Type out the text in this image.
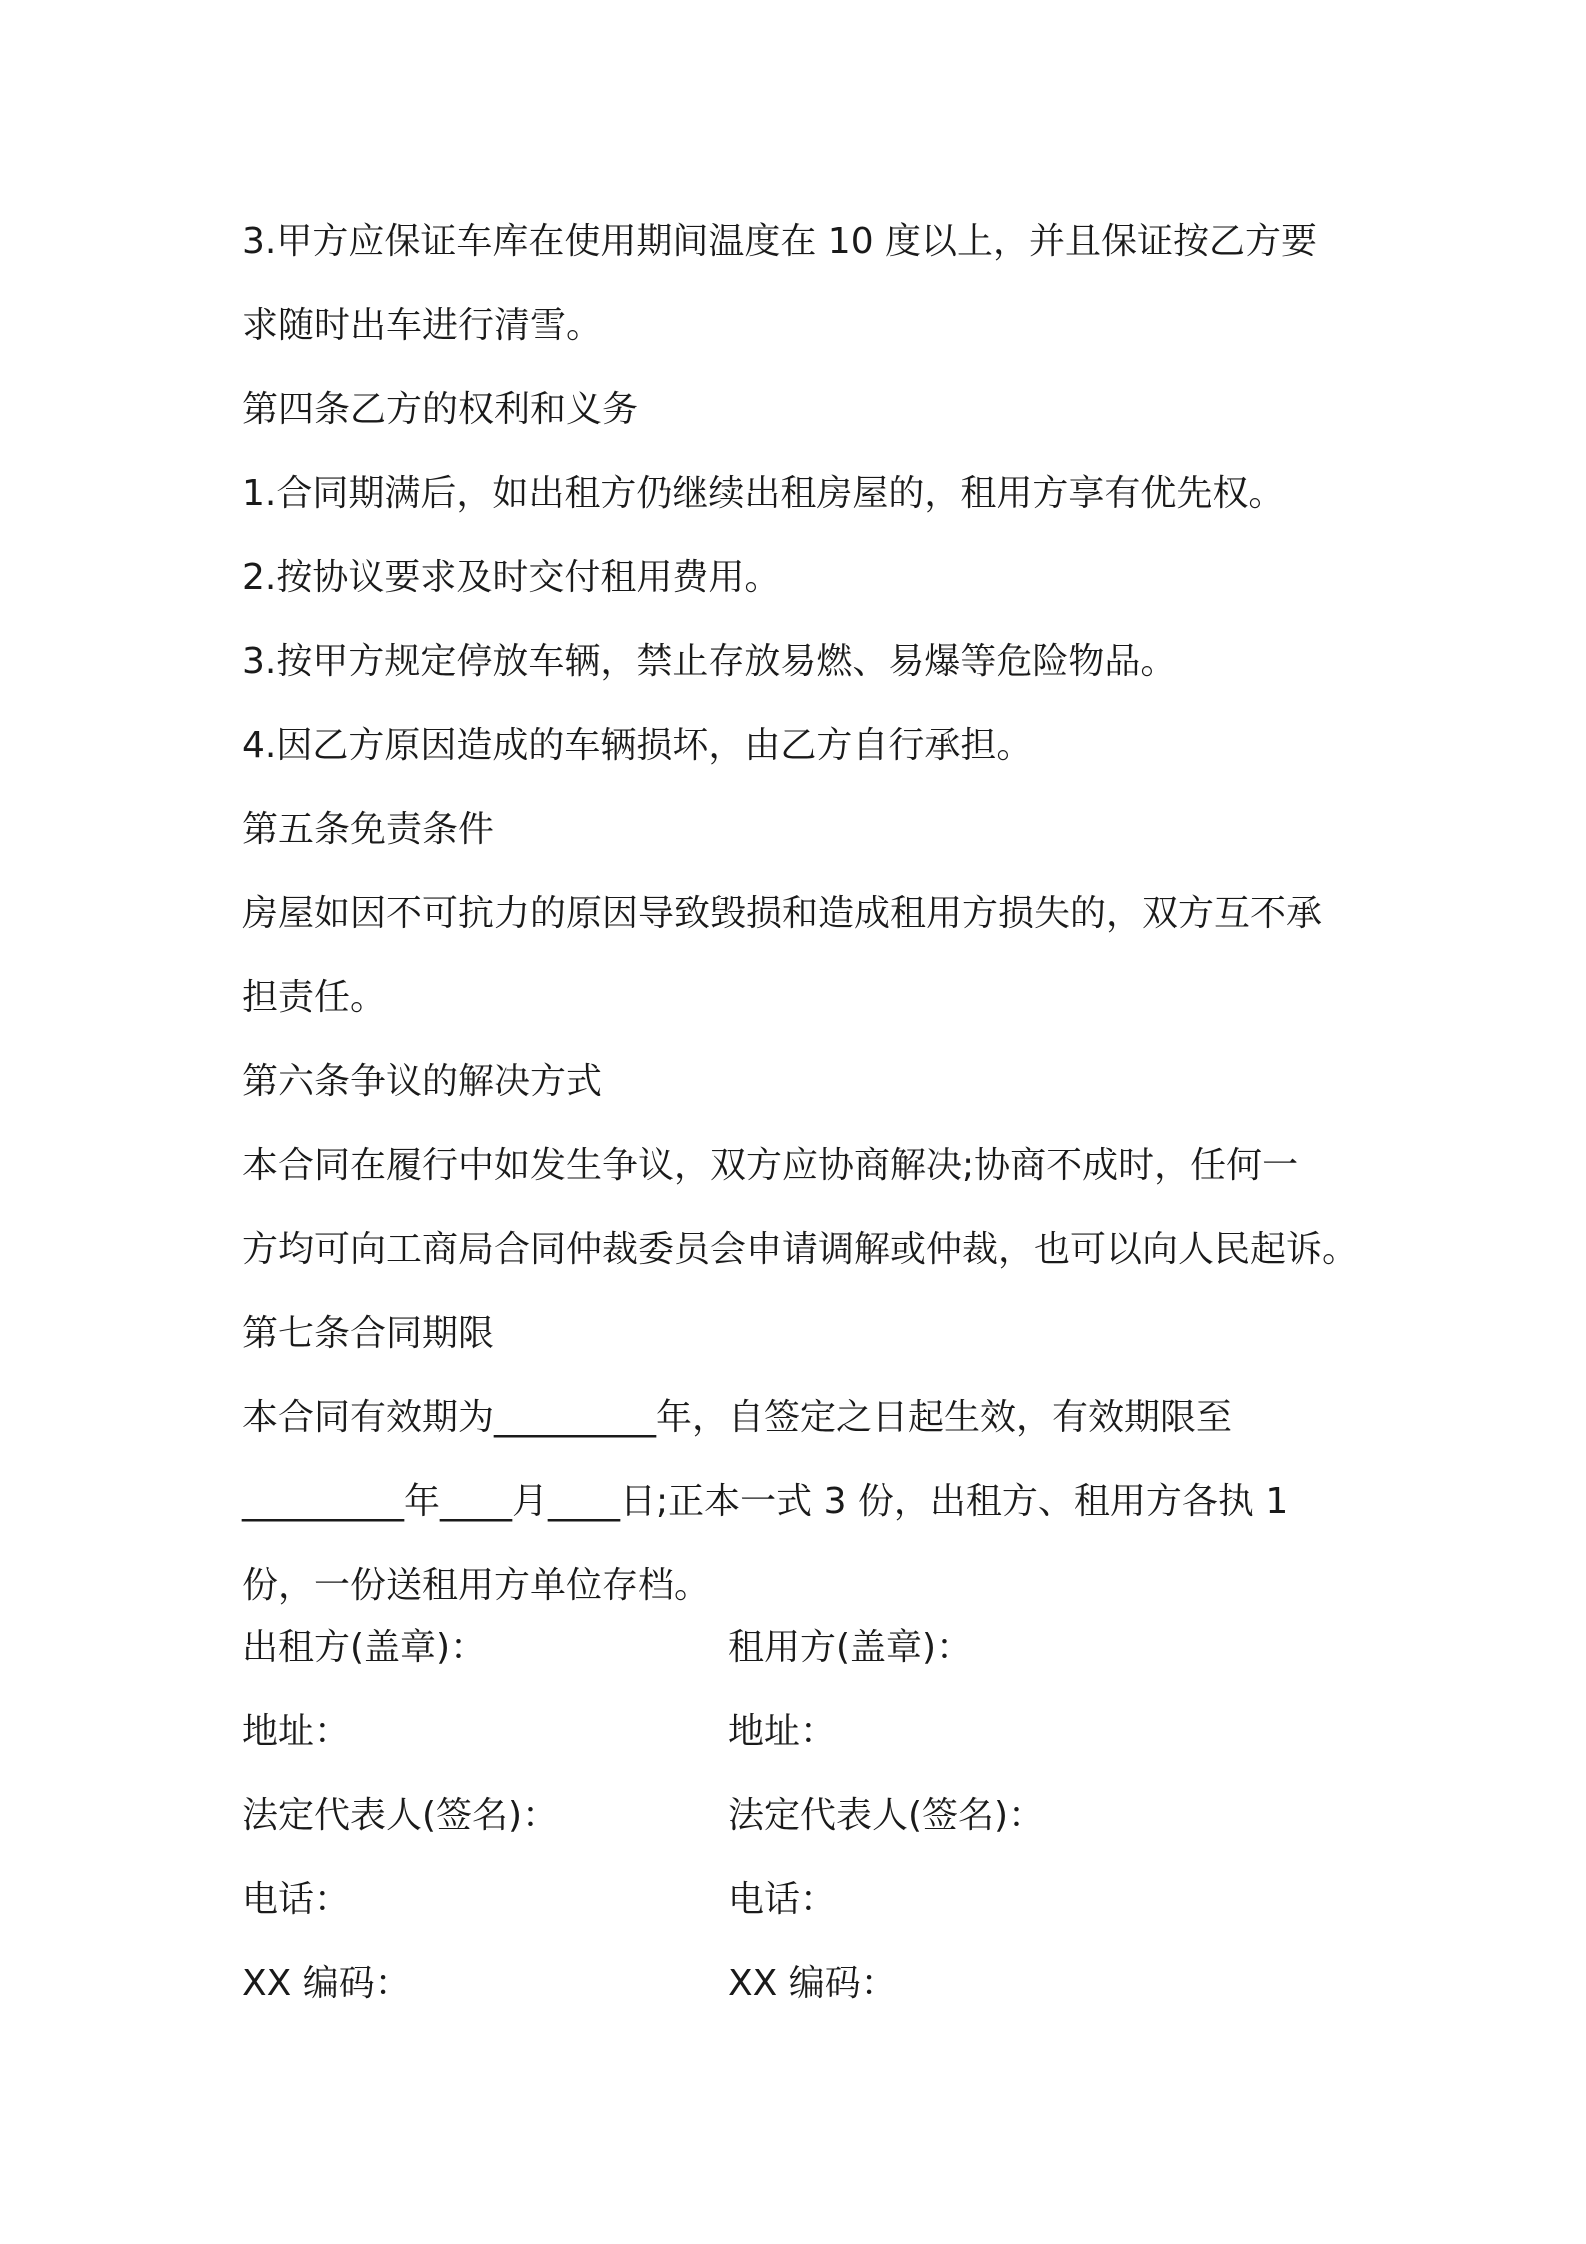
3.甲方应保证车库在使用期间温度在 10 度以上，并且保证按乙方要
求随时出车进行清雪。
第四条乙方的权利和义务
1.合同期满后，如出租方仍继续出租房屋的，租用方享有优先权。
2.按协议要求及时交付租用费用。
3.按甲方规定停放车辆，禁止存放易燃、易爆等危险物品。
4.因乙方原因造成的车辆损坏，由乙方自行承担。
第五条免责条件
房屋如因不可抗力的原因导致毁损和造成租用方损失的，双方互不承
担责任。
第六条争议的解决方式
本合同在履行中如发生争议，双方应协商解决;协商不成时，任何一
方均可向工商局合同仲裁委员会申请调解或仲裁，也可以向人民起诉。
第七条合同期限
本合同有效期为_________年，自签定之日起生效，有效期限至
_________年____月____日;正本一式 3 份，出租方、租用方各执 1
份，一份送租用方单位存档。
出租方(盖章)：	租用方(盖章)：
地址：	地址：
法定代表人(签名)：	法定代表人(签名)：
电话：	电话：
XX 编码：	XX 编码：
